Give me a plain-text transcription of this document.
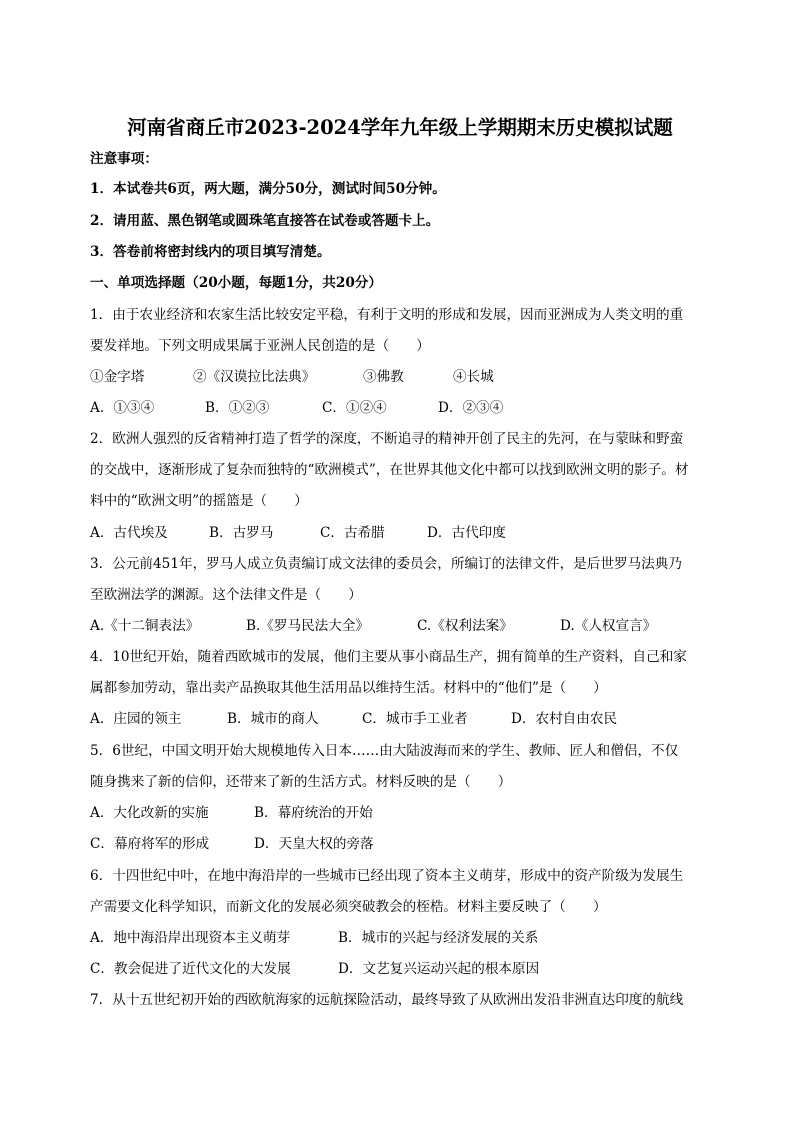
河南省商丘市2023-2024学年九年级上学期期末历史模拟试题
注意事项：
1．本试卷共6页，两大题，满分50分，测试时间50分钟。
2．请用蓝、黑色钢笔或圆珠笔直接答在试卷或答题卡上。
3．答卷前将密封线内的项目填写清楚。
一、单项选择题（20小题，每题1分，共20分）
1．由于农业经济和农家生活比较安定平稳，有利于文明的形成和发展，因而亚洲成为人类文明的重
要发祥地。下列文明成果属于亚洲人民创造的是（　　）
①金字塔	②《汉谟拉比法典》	③佛教	④长城
A．①③④	B．①②③	C．①②④	D．②③④
2．欧洲人强烈的反省精神打造了哲学的深度，不断追寻的精神开创了民主的先河，在与蒙昧和野蛮
的交战中，逐渐形成了复杂而独特的“欧洲模式”，在世界其他文化中都可以找到欧洲文明的影子。材
料中的“欧洲文明”的摇篮是（　　）
A．古代埃及	B．古罗马	C．古希腊	D．古代印度
3．公元前451年，罗马人成立负责编订成文法律的委员会，所编订的法律文件，是后世罗马法典乃
至欧洲法学的渊源。这个法律文件是（　　）
A.《十二铜表法》	B.《罗马民法大全》	C.《权利法案》	D.《人权宣言》
4．10世纪开始，随着西欧城市的发展，他们主要从事小商品生产，拥有简单的生产资料，自己和家
属都参加劳动，靠出卖产品换取其他生活用品以维持生活。材料中的“他们”是（　　）
A．庄园的领主	B．城市的商人	C．城市手工业者	D．农村自由农民
5．6世纪，中国文明开始大规模地传入日本……由大陆波海而来的学生、教师、匠人和僧侣，不仅
随身携来了新的信仰，还带来了新的生活方式。材料反映的是（　　）
A．大化改新的实施	B．幕府统治的开始
C．幕府将军的形成	D．天皇大权的旁落
6．十四世纪中叶，在地中海沿岸的一些城市已经出现了资本主义萌芽，形成中的资产阶级为发展生
产需要文化科学知识，而新文化的发展必须突破教会的桎梏。材料主要反映了（　　）
A．地中海沿岸出现资本主义萌芽	B．城市的兴起与经济发展的关系
C．教会促进了近代文化的大发展	D．文艺复兴运动兴起的根本原因
7．从十五世纪初开始的西欧航海家的远航探险活动，最终导致了从欧洲出发沿非洲直达印度的航线
